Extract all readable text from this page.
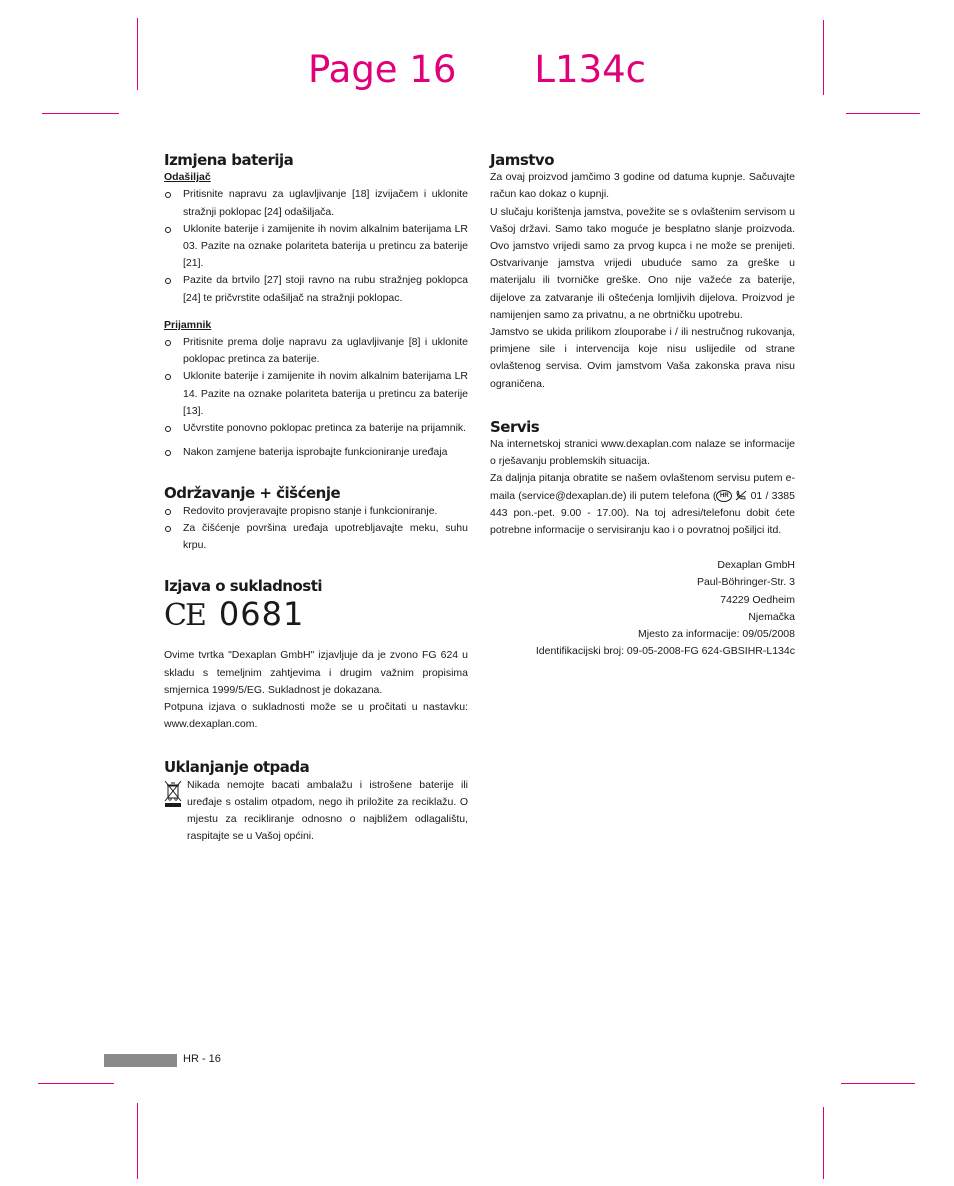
Page 16 L134c
Izmjena baterija
Odašiljač
Pritisnite napravu za uglavljivanje [18] izvijačem i uklonite stražnji poklopac [24] odašiljača.
Uklonite baterije i zamijenite ih novim alkalnim baterijama LR 03. Pazite na oznake polariteta baterija u pretincu za baterije [21].
Pazite da brtvilo [27] stoji ravno na rubu stražnjeg poklopca [24] te pričvrstite odašiljač na stražnji poklopac.
Prijamnik
Pritisnite prema dolje napravu za uglavljivanje [8] i uklonite poklopac pretinca za baterije.
Uklonite baterije i zamijenite ih novim alkalnim baterijama LR 14. Pazite na oznake polariteta baterija u pretincu za baterije [13].
Učvrstite ponovno poklopac pretinca za baterije na prijamnik.
Nakon zamjene baterija isprobajte funkcioniranje uređaja
Održavanje + čišćenje
Redovito provjeravajte propisno stanje i funkcioniranje.
Za čišćenje površina uređaja upotrebljavajte meku, suhu krpu.
Izjava o sukladnosti
CE 0681

Ovime tvrtka "Dexaplan GmbH" izjavljuje da je zvono FG 624 u skladu s temeljnim zahtjevima i drugim važnim propisima smjernica 1999/5/EG. Sukladnost je dokazana.

Potpuna izjava o sukladnosti može se u pročitati u nastavku: www.dexaplan.com.

Uklanjanje otpada

Nikada nemojte bacati ambalažu i istrošene baterije ili uređaje s ostalim otpadom, nego ih priložite za reciklažu. O mjestu za recikliranje odnosno o najbližem odlagalištu, raspitajte se u Vašoj općini.

Jamstvo

Za ovaj proizvod jamčimo 3 godine od datuma kupnje. Sačuvajte račun kao dokaz o kupnji.

U slučaju korištenja jamstva, povežite se s ovlaštenim servisom u Vašoj državi. Samo tako moguće je besplatno slanje proizvoda. Ovo jamstvo vrijedi samo za prvog kupca i ne može se prenijeti. Ostvarivanje jamstva vrijedi ubuduće samo za greške u materijalu ili tvorničke greške. Ono nije važeće za baterije, dijelove za zatvaranje ili oštećenja lomljivih dijelova. Proizvod je namijenjen samo za privatnu, a ne obrtničku upotrebu.

Jamstvo se ukida prilikom zlouporabe i / ili nestručnog rukovanja, primjene sile i intervencija koje nisu uslijedile od strane ovlaštenog servisa. Ovim jamstvom Vaša zakonska prava nisu ograničena.

Servis

Na internetskoj stranici www.dexaplan.com nalaze se informacije o rješavanju problemskih situacija.

Za daljnja pitanja obratite se našem ovlaštenom servisu putem e-maila (service@dexaplan.de) ili putem telefona ( HR 01 / 3385 443 pon.-pet. 9.00 - 17.00). Na toj adresi/telefonu dobit ćete potrebne informacije o servisiranju kao i o povratnoj pošiljci itd.

Dexaplan GmbH
Paul-Böhringer-Str. 3
74229 Oedheim
Njemačka
Mjesto za informacije: 09/05/2008
Identifikacijski broj: 09-05-2008-FG 624-GBSIHR-L134c
HR - 16
